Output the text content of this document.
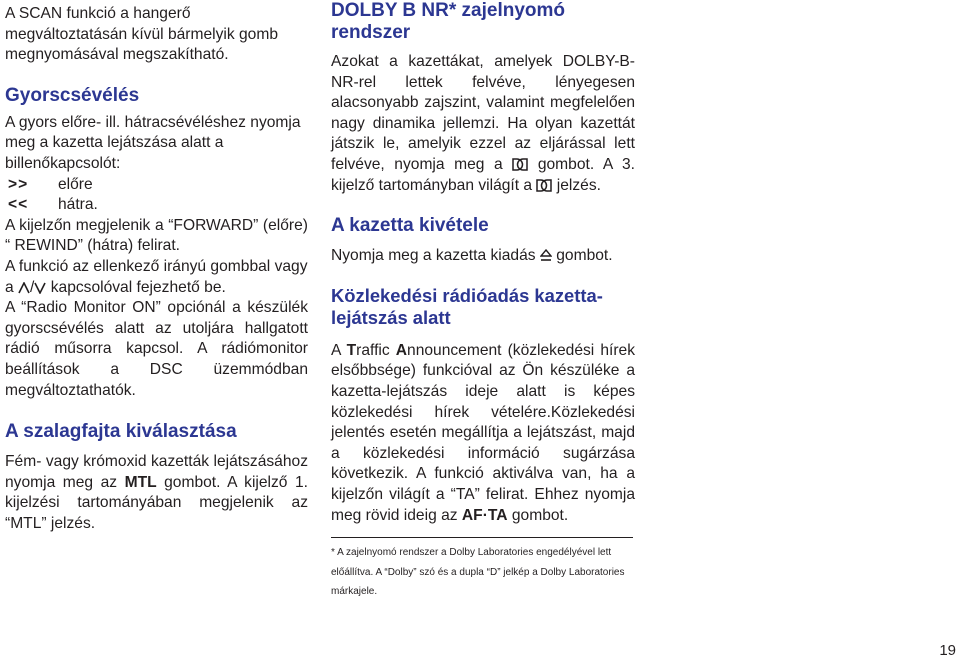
A SCAN funkció a hangerő megváltoztatásán kívül bármelyik gomb megnyomásával megszakítható.

Gyorscsévélés

A gyors előre- ill. hátracsévéléshez nyomja meg a kazetta lejátszása alatt a billenőkapcsolót:

>>	előre
<<	hátra.

A kijelzőn megjelenik a “FORWARD” (előre) “ REWIND” (hátra) felirat.

A funkció az ellenkező irányú gombbal vagy a / kapcsolóval fejezhető be.

A “Radio Monitor ON” opciónál a készülék gyorscsévélés alatt az utoljára hallgatott rádió műsorra kapcsol. A rádiómonitor beállítások a DSC üzemmódban megváltoztathatók.

A szalagfajta kiválasztása

Fém- vagy krómoxid kazetták lejátszásához nyomja meg az MTL gombot. A kijelző 1. kijelzési tartományában megjelenik az “MTL” jelzés.

DOLBY B NR* zajelnyomó
rendszer

Azokat a kazettákat, amelyek DOLBY-B-NR-rel lettek felvéve, lényegesen alacsonyabb zajszint, valamint megfelelően nagy dinamika jellemzi. Ha olyan kazettát játszik le, amelyik ezzel az eljárással lett felvéve, nyomja meg a gombot. A 3. kijelző tartományban világít a jelzés.

A kazetta kivétele

Nyomja meg a kazetta kiadás gombot.

Közlekedési rádióadás kazetta-
lejátszás alatt

A Traffic Announcement (közlekedési hírek elsőbbsége) funkcióval az Ön készüléke a kazetta-lejátszás ideje alatt is képes közlekedési hírek vételére.Közlekedési jelentés esetén megállítja a lejátszást, majd a közlekedési információ sugárzása következik. A funkció aktiválva van, ha a kijelzőn világít a “TA” felirat. Ehhez nyomja meg rövid ideig az AF·TA gombot.

* A zajelnyomó rendszer a Dolby Laboratories engedélyével lett előállítva. A “Dolby” szó és a dupla “D” jelkép a Dolby Laboratories márkajele.

19
